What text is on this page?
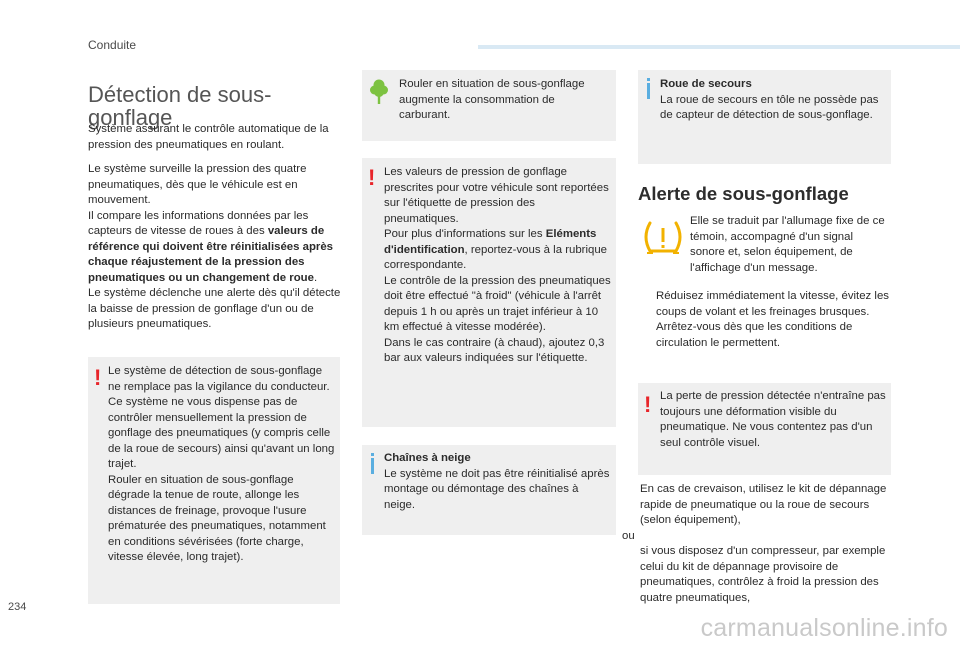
Conduite
Détection de sous-gonflage

Système assurant le contrôle automatique de la pression des pneumatiques en roulant.

Le système surveille la pression des quatre pneumatiques, dès que le véhicule est en mouvement.

Il compare les informations données par les capteurs de vitesse de roues à des valeurs de référence qui doivent être réinitialisées après chaque réajustement de la pression des pneumatiques ou un changement de roue.

Le système déclenche une alerte dès qu'il détecte la baisse de pression de gonflage d'un ou de plusieurs pneumatiques.

! Le système de détection de sous-gonflage ne remplace pas la vigilance du conducteur.

Ce système ne vous dispense pas de contrôler mensuellement la pression de gonflage des pneumatiques (y compris celle de la roue de secours) ainsi qu'avant un long trajet.

Rouler en situation de sous-gonflage dégrade la tenue de route, allonge les distances de freinage, provoque l'usure prématurée des pneumatiques, notamment en conditions sévérisées (forte charge, vitesse élevée, long trajet).

Rouler en situation de sous-gonflage augmente la consommation de carburant.
! Les valeurs de pression de gonflage prescrites pour votre véhicule sont reportées sur l'étiquette de pression des pneumatiques.

Pour plus d'informations sur les Eléments d'identification, reportez-vous à la rubrique correspondante.

Le contrôle de la pression des pneumatiques doit être effectué "à froid" (véhicule à l'arrêt depuis 1 h ou après un trajet inférieur à 10 km effectué à vitesse modérée).

Dans le cas contraire (à chaud), ajoutez 0,3 bar aux valeurs indiquées sur l'étiquette.

Chaînes à neige

Le système ne doit pas être réinitialisé après montage ou démontage des chaînes à neige.

Roue de secours

La roue de secours en tôle ne possède pas de capteur de détection de sous-gonflage.

Alerte de sous-gonflage
Elle se traduit par l'allumage fixe de ce témoin, accompagné d'un signal sonore et, selon équipement, de l'affichage d'un message.
Réduisez immédiatement la vitesse, évitez les coups de volant et les freinages brusques.
Arrêtez-vous dès que les conditions de circulation le permettent.
! La perte de pression détectée n'entraîne pas toujours une déformation visible du pneumatique. Ne vous contentez pas d'un seul contrôle visuel.
En cas de crevaison, utilisez le kit de dépannage rapide de pneumatique ou la roue de secours (selon équipement),
ou
si vous disposez d'un compresseur, par exemple celui du kit de dépannage provisoire de pneumatiques, contrôlez à froid la pression des quatre pneumatiques,
234
carmanualsonline.info
